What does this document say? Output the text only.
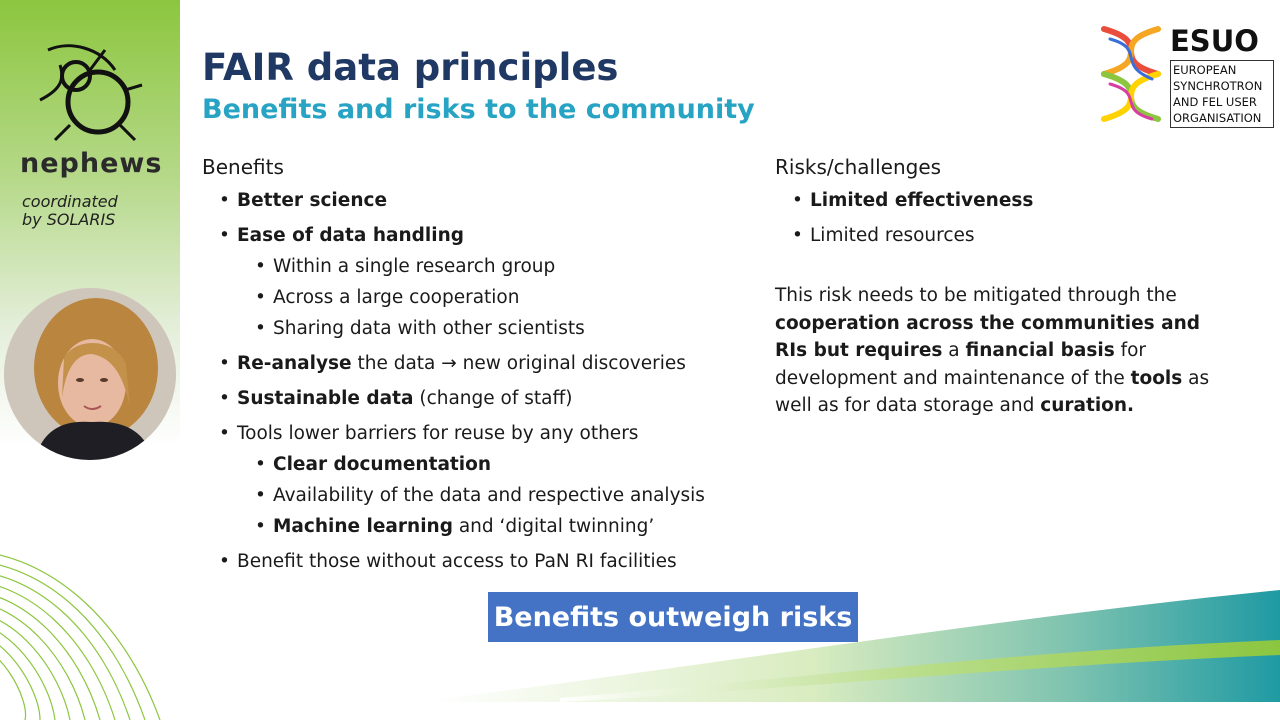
nephews
coordinated
by SOLARIS
FAIR data principles
Benefits and risks to the community
ESUO
EUROPEAN
SYNCHROTRON
AND FEL USER
ORGANISATION
Benefits
• Better science
• Ease of data handling
• Within a single research group
• Across a large cooperation
• Sharing data with other scientists
• Re-analyse the data → new original discoveries
• Sustainable data (change of staff)
• Tools lower barriers for reuse by any others
• Clear documentation
• Availability of the data and respective analysis
• Machine learning and ‘digital twinning’
• Benefit those without access to PaN RI facilities
Risks/challenges
• Limited effectiveness
• Limited resources
This risk needs to be mitigated through the cooperation across the communities and RIs but requires a financial basis for development and maintenance of the tools as well as for data storage and curation.
Benefits outweigh risks
